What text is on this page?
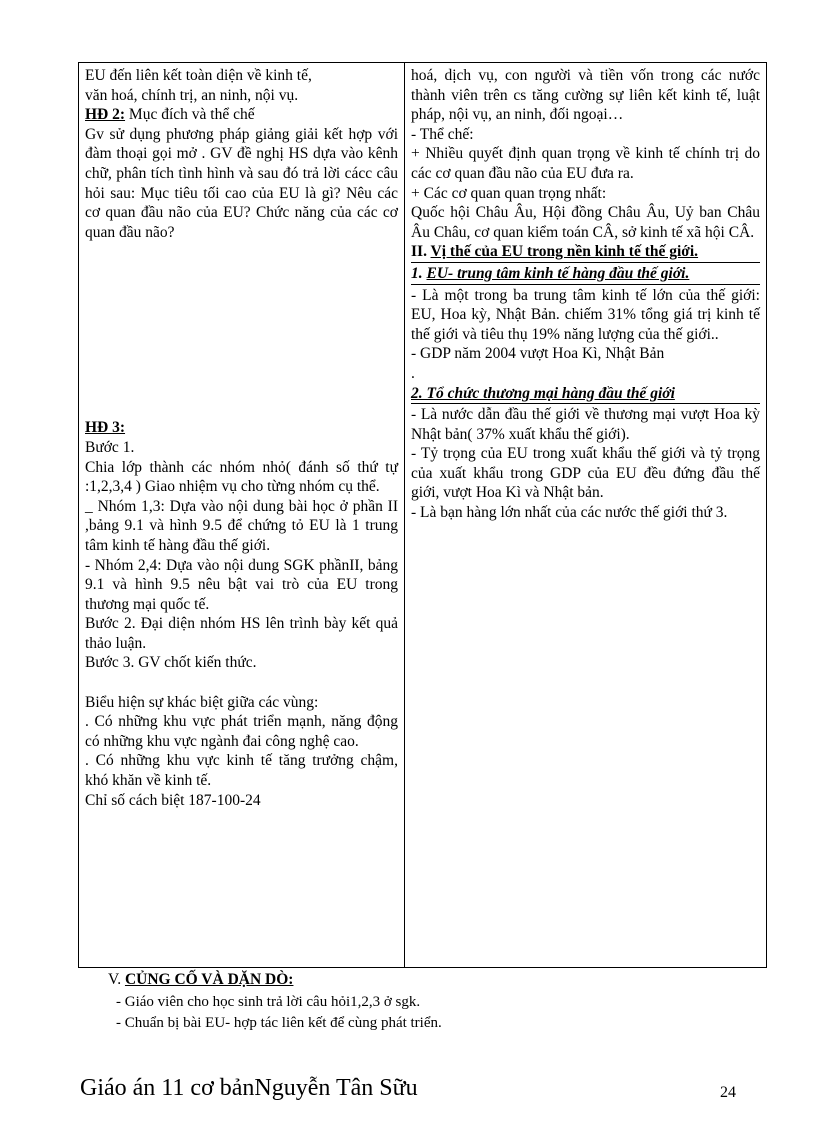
EU đến liên kết toàn diện về kinh tế,

văn hoá, chính trị, an ninh, nội vụ.

HĐ 2: Mục đích và thể chế

Gv sử dụng phương pháp giảng giải kết hợp với đàm thoại gọi mở . GV đề nghị HS dựa vào kênh chữ, phân tích tình hình và sau đó trả lời cácc câu hỏi sau: Mục tiêu tối cao của EU là gì? Nêu các cơ quan đầu não của EU? Chức năng của các cơ quan đầu não?

HĐ 3:

Bước 1.

Chia lớp thành các nhóm nhỏ( đánh số thứ tự :1,2,3,4 ) Giao nhiệm vụ cho từng nhóm cụ thể.

_ Nhóm 1,3: Dựa vào nội dung bài học ở phần II ,bảng 9.1 và hình 9.5 để chứng tỏ EU là 1 trung tâm kinh tế hàng đầu thế giới.

- Nhóm 2,4: Dựa vào nội dung SGK phầnII, bảng 9.1 và hình 9.5 nêu bật vai trò của EU trong thương mại quốc tế.

Bước 2. Đại diện nhóm HS lên trình bày kết quả thảo luận.

Bước 3. GV chốt kiến thức.

Biểu hiện sự khác biệt giữa các vùng:

. Có những khu vực phát triển mạnh, năng động có những khu vực ngành đai công nghệ cao.

. Có những khu vực kinh tế tăng trưởng chậm, khó khăn về kinh tế.

Chỉ số cách biệt 187-100-24

hoá, dịch vụ, con người và tiền vốn trong các nước thành viên trên cs tăng cường sự liên kết kinh tế, luật pháp, nội vụ, an ninh, đối ngoại…

- Thể chế:

+ Nhiều quyết định quan trọng về kinh tế chính trị do các cơ quan đầu não của EU đưa ra.

+ Các cơ quan quan trọng nhất:

Quốc hội Châu Âu, Hội đồng Châu Âu, Uỷ ban Châu Âu Châu, cơ quan kiểm toán CÂ, sở kinh tế xã hội CÂ.

II. Vị thế của EU trong nền kinh tế thế giới.

1. EU- trung tâm kinh tế hàng đầu thế giới.

- Là một trong ba trung tâm kinh tế lớn của thế giới: EU, Hoa kỳ, Nhật Bản. chiếm 31% tổng giá trị kinh tế thế giới và tiêu thụ 19% năng lượng của thế giới..

- GDP năm 2004 vượt Hoa Kì, Nhật Bản

.

2. Tổ chức thương mại hàng đầu thế giới

- Là nước dẫn đầu thế giới về thương mại vượt Hoa kỳ Nhật bản( 37% xuất khẩu thế giới).

- Tỷ trọng của EU trong xuất khẩu thế giới và tỷ trọng của xuất khẩu trong GDP của EU đều đứng đầu thế giới, vượt Hoa Kì và Nhật bản.

- Là bạn hàng lớn nhất của các nước thế giới thứ 3.

V. CỦNG CỐ VÀ DẶN DÒ:
- Giáo viên cho học sinh trả lời câu hỏi1,2,3 ở sgk.
- Chuẩn bị bài EU- hợp tác liên kết để cùng phát triển.
Giáo án 11 cơ bảnNguyễn Tân Sữu	24
